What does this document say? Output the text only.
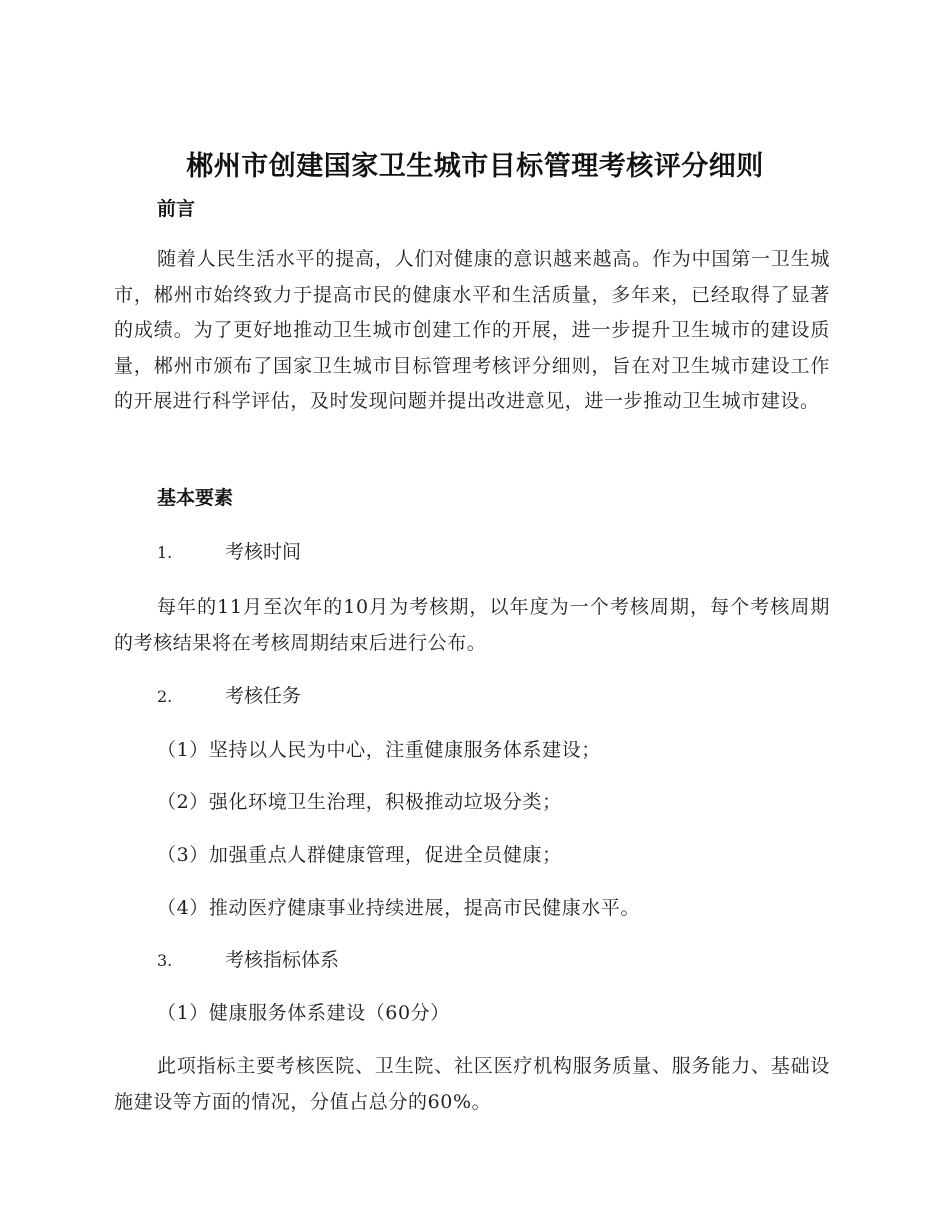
郴州市创建国家卫生城市目标管理考核评分细则
前言

随着人民生活水平的提高，人们对健康的意识越来越高。作为中国第一卫生城市，郴州市始终致力于提高市民的健康水平和生活质量，多年来，已经取得了显著的成绩。为了更好地推动卫生城市创建工作的开展，进一步提升卫生城市的建设质量，郴州市颁布了国家卫生城市目标管理考核评分细则，旨在对卫生城市建设工作的开展进行科学评估，及时发现问题并提出改进意见，进一步推动卫生城市建设。

基本要素
1.	考核时间

每年的11月至次年的10月为考核期，以年度为一个考核周期，每个考核周期的考核结果将在考核周期结束后进行公布。

2.	考核任务
（1）坚持以人民为中心，注重健康服务体系建设；
（2）强化环境卫生治理，积极推动垃圾分类；
（3）加强重点人群健康管理，促进全员健康；
（4）推动医疗健康事业持续进展，提高市民健康水平。
3.	考核指标体系
（1）健康服务体系建设（60分）

此项指标主要考核医院、卫生院、社区医疗机构服务质量、服务能力、基础设施建设等方面的情况，分值占总分的60%。
